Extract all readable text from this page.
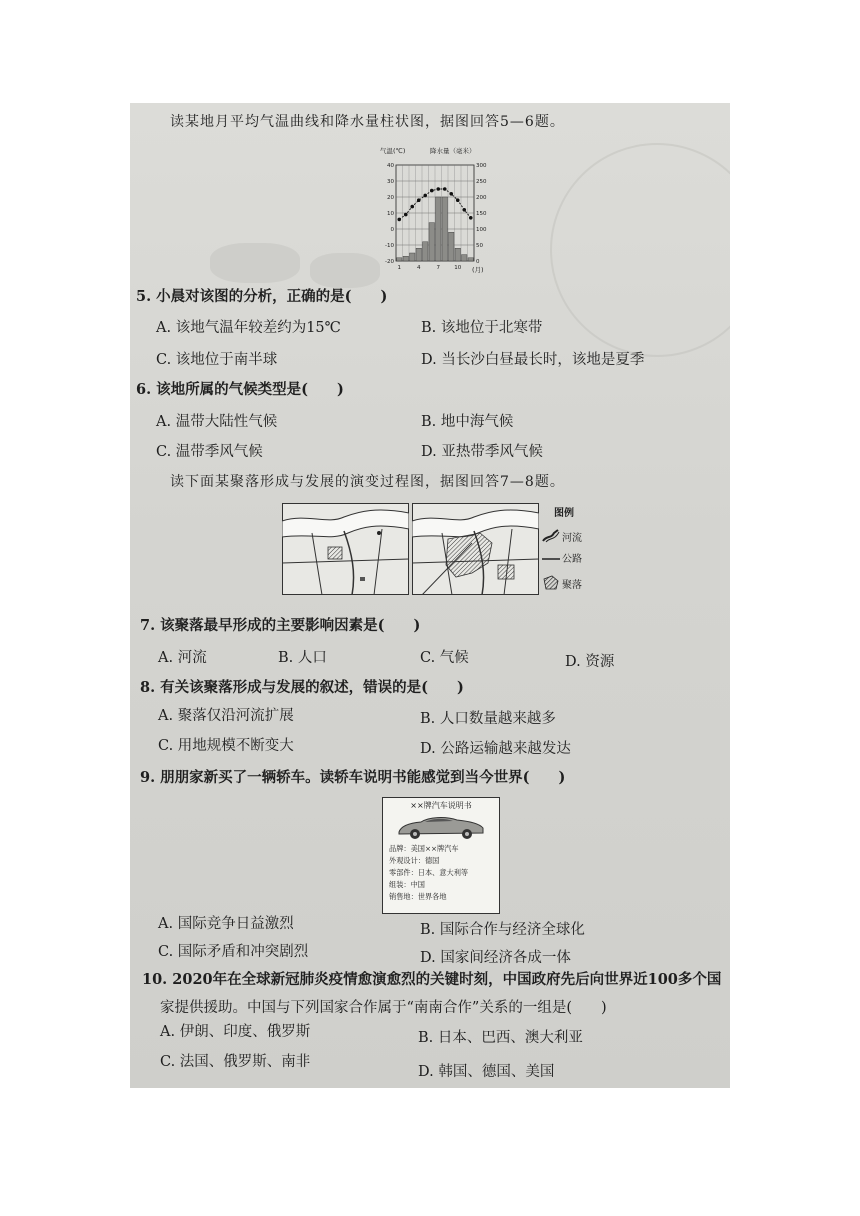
读某地月平均气温曲线和降水量柱状图，据图回答5—6题。
气温(℃)	降水量（毫米）
-20
-10
0
10
20
30
40
0
50
100
150
200
250
300
1	4	7	10 (月)
5. 小晨对该图的分析，正确的是(　　)
A. 该地气温年较差约为15℃	B. 该地位于北寒带
C. 该地位于南半球	D. 当长沙白昼最长时，该地是夏季
6. 该地所属的气候类型是(　　)
A. 温带大陆性气候	B. 地中海气候
C. 温带季风气候	D. 亚热带季风气候
读下面某聚落形成与发展的演变过程图，据图回答7—8题。
图例
河流
公路
聚落
7. 该聚落最早形成的主要影响因素是(　　)
A. 河流	B. 人口	C. 气候	D. 资源
8. 有关该聚落形成与发展的叙述，错误的是(　　)
A. 聚落仅沿河流扩展	B. 人口数量越来越多
C. 用地规模不断变大	D. 公路运输越来越发达
9. 朋朋家新买了一辆轿车。读轿车说明书能感觉到当今世界(　　)
××牌汽车说明书
品牌：美国××牌汽车
外观设计：德国
零部件：日本、意大利等
组装：中国
销售地：世界各地
A. 国际竞争日益激烈	B. 国际合作与经济全球化
C. 国际矛盾和冲突剧烈	D. 国家间经济各成一体
10. 2020年在全球新冠肺炎疫情愈演愈烈的关键时刻，中国政府先后向世界近100多个国
家提供援助。中国与下列国家合作属于“南南合作”关系的一组是(　　)
A. 伊朗、印度、俄罗斯	B. 日本、巴西、澳大利亚
C. 法国、俄罗斯、南非
D. 韩国、德国、美国
